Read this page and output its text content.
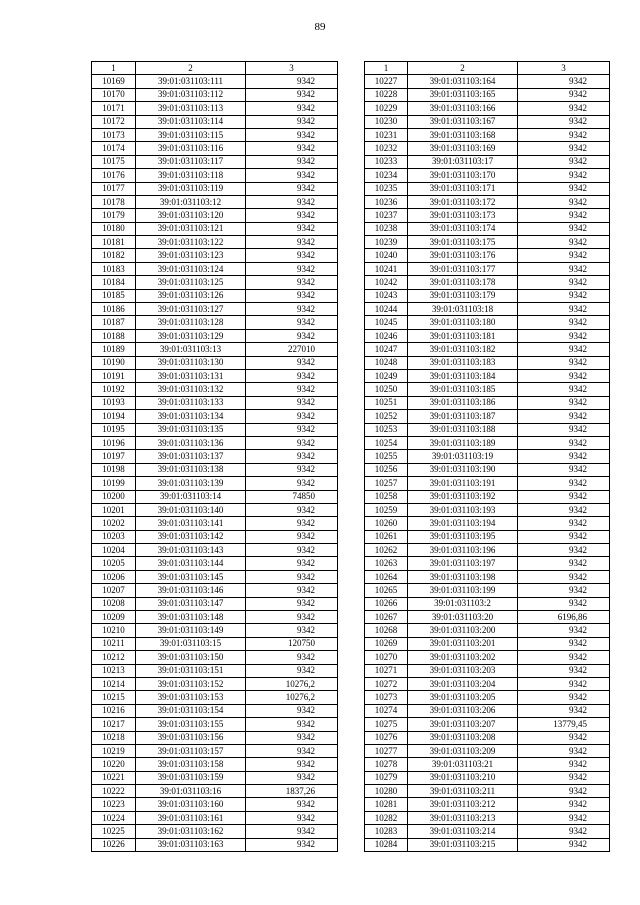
89
1	2	3
10169	39:01:031103:111	9342
10170	39:01:031103:112	9342
10171	39:01:031103:113	9342
10172	39:01:031103:114	9342
10173	39:01:031103:115	9342
10174	39:01:031103:116	9342
10175	39:01:031103:117	9342
10176	39:01:031103:118	9342
10177	39:01:031103:119	9342
10178	39:01:031103:12	9342
10179	39:01:031103:120	9342
10180	39:01:031103:121	9342
10181	39:01:031103:122	9342
10182	39:01:031103:123	9342
10183	39:01:031103:124	9342
10184	39:01:031103:125	9342
10185	39:01:031103:126	9342
10186	39:01:031103:127	9342
10187	39:01:031103:128	9342
10188	39:01:031103:129	9342
10189	39:01:031103:13	227010
10190	39:01:031103:130	9342
10191	39:01:031103:131	9342
10192	39:01:031103:132	9342
10193	39:01:031103:133	9342
10194	39:01:031103:134	9342
10195	39:01:031103:135	9342
10196	39:01:031103:136	9342
10197	39:01:031103:137	9342
10198	39:01:031103:138	9342
10199	39:01:031103:139	9342
10200	39:01:031103:14	74850
10201	39:01:031103:140	9342
10202	39:01:031103:141	9342
10203	39:01:031103:142	9342
10204	39:01:031103:143	9342
10205	39:01:031103:144	9342
10206	39:01:031103:145	9342
10207	39:01:031103:146	9342
10208	39:01:031103:147	9342
10209	39:01:031103:148	9342
10210	39:01:031103:149	9342
10211	39:01:031103:15	120750
10212	39:01:031103:150	9342
10213	39:01:031103:151	9342
10214	39:01:031103:152	10276,2
10215	39:01:031103:153	10276,2
10216	39:01:031103:154	9342
10217	39:01:031103:155	9342
10218	39:01:031103:156	9342
10219	39:01:031103:157	9342
10220	39:01:031103:158	9342
10221	39:01:031103:159	9342
10222	39:01:031103:16	1837,26
10223	39:01:031103:160	9342
10224	39:01:031103:161	9342
10225	39:01:031103:162	9342
10226	39:01:031103:163	9342
1	2	3
10227	39:01:031103:164	9342
10228	39:01:031103:165	9342
10229	39:01:031103:166	9342
10230	39:01:031103:167	9342
10231	39:01:031103:168	9342
10232	39:01:031103:169	9342
10233	39:01:031103:17	9342
10234	39:01:031103:170	9342
10235	39:01:031103:171	9342
10236	39:01:031103:172	9342
10237	39:01:031103:173	9342
10238	39:01:031103:174	9342
10239	39:01:031103:175	9342
10240	39:01:031103:176	9342
10241	39:01:031103:177	9342
10242	39:01:031103:178	9342
10243	39:01:031103:179	9342
10244	39:01:031103:18	9342
10245	39:01:031103:180	9342
10246	39:01:031103:181	9342
10247	39:01:031103:182	9342
10248	39:01:031103:183	9342
10249	39:01:031103:184	9342
10250	39:01:031103:185	9342
10251	39:01:031103:186	9342
10252	39:01:031103:187	9342
10253	39:01:031103:188	9342
10254	39:01:031103:189	9342
10255	39:01:031103:19	9342
10256	39:01:031103:190	9342
10257	39:01:031103:191	9342
10258	39:01:031103:192	9342
10259	39:01:031103:193	9342
10260	39:01:031103:194	9342
10261	39:01:031103:195	9342
10262	39:01:031103:196	9342
10263	39:01:031103:197	9342
10264	39:01:031103:198	9342
10265	39:01:031103:199	9342
10266	39:01:031103:2	9342
10267	39:01:031103:20	6196,86
10268	39:01:031103:200	9342
10269	39:01:031103:201	9342
10270	39:01:031103:202	9342
10271	39:01:031103:203	9342
10272	39:01:031103:204	9342
10273	39:01:031103:205	9342
10274	39:01:031103:206	9342
10275	39:01:031103:207	13779,45
10276	39:01:031103:208	9342
10277	39:01:031103:209	9342
10278	39:01:031103:21	9342
10279	39:01:031103:210	9342
10280	39:01:031103:211	9342
10281	39:01:031103:212	9342
10282	39:01:031103:213	9342
10283	39:01:031103:214	9342
10284	39:01:031103:215	9342
